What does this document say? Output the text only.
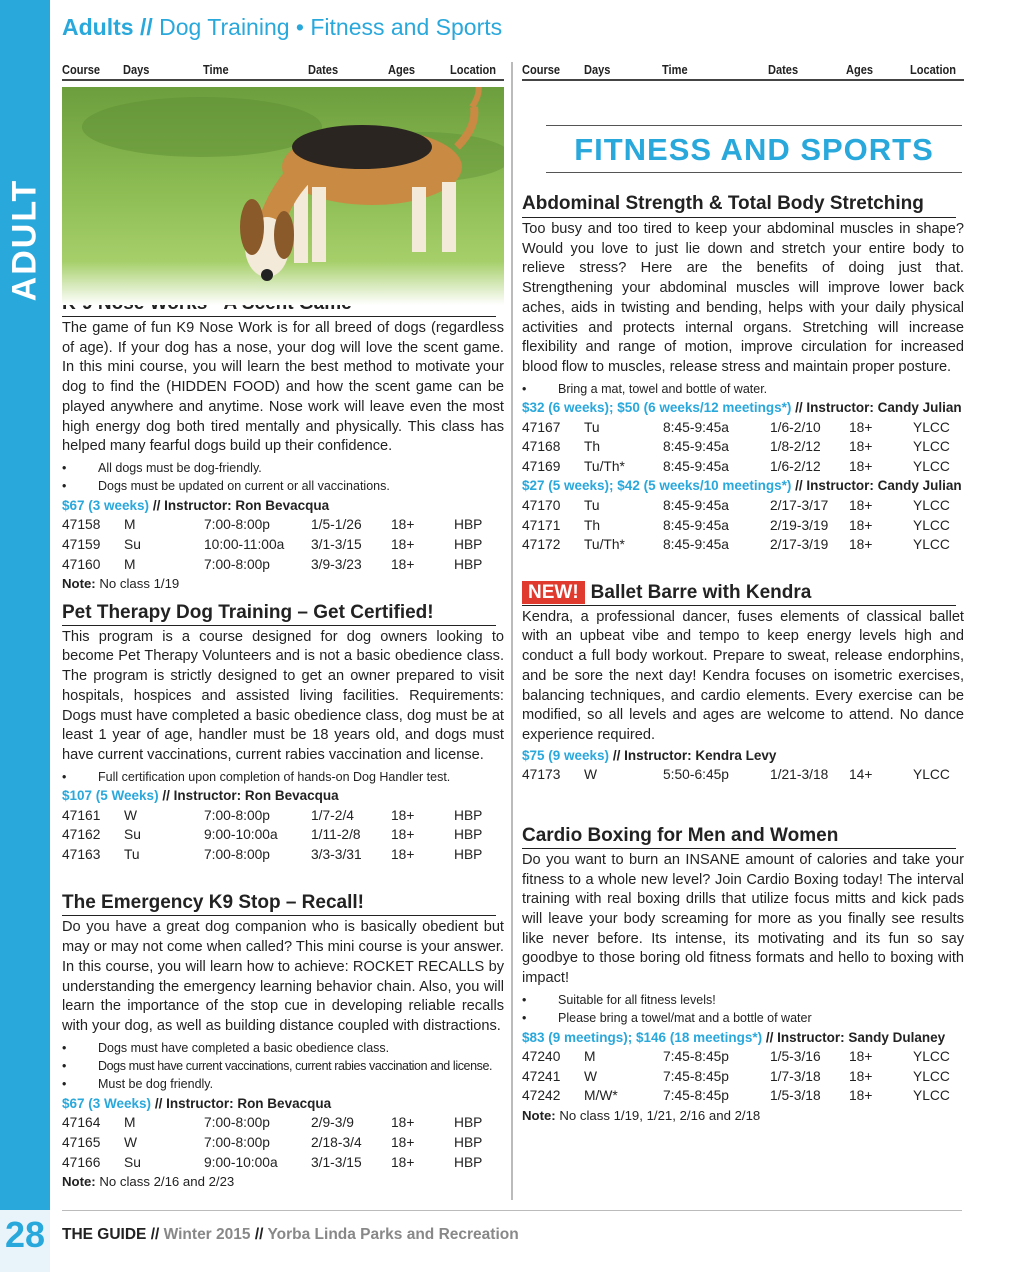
ADULT
28
Adults // Dog Training • Fitness and Sports
Course	Days	Time	Dates	Ages	Location

The game of fun K9 Nose Work is for all breed of dogs (regardless of age). If your dog has a nose, your dog will love the scent game. In this mini course, you will learn the best method to motivate your dog to find the (HIDDEN FOOD) and how the scent game can be played anywhere and anytime. Nose work will leave even the most high energy dog both tired mentally and physically. This class has helped many fearful dogs build up their confidence.

• All dogs must be dog-friendly.
• Dogs must be updated on current or all vaccinations.
$67 (3 weeks) // Instructor: Ron Bevacqua
47158	M	7:00-8:00p	1/5-1/26	18+	HBP
47159	Su	10:00-11:00a	3/1-3/15	18+	HBP
47160	M	7:00-8:00p	3/9-3/23	18+	HBP
Note: No class 1/19
Pet Therapy Dog Training – Get Certified!

This program is a course designed for dog owners looking to become Pet Therapy Volunteers and is not a basic obedience class. The program is strictly designed to get an owner prepared to visit hospitals, hospices and assisted living facilities. Requirements: Dogs must have completed a basic obedience class, dog must be at least 1 year of age, handler must be 18 years old, and dogs must have current vaccinations, current rabies vaccination and license.

• Full certification upon completion of hands-on Dog Handler test.
$107 (5 Weeks) // Instructor: Ron Bevacqua
47161	W	7:00-8:00p	1/7-2/4	18+	HBP
47162	Su	9:00-10:00a	1/11-2/8	18+	HBP
47163	Tu	7:00-8:00p	3/3-3/31	18+	HBP
The Emergency K9 Stop – Recall!

Do you have a great dog companion who is basically obedient but may or may not come when called? This mini course is your answer. In this course, you will learn how to achieve: ROCKET RECALLS by understanding the emergency learning behavior chain. Also, you will learn the importance of the stop cue in developing reliable recalls with your dog, as well as building distance coupled with distractions.

• Dogs must have completed a basic obedience class.
• Dogs must have current vaccinations, current rabies vaccination and license.
• Must be dog friendly.
$67 (3 Weeks) // Instructor: Ron Bevacqua
47164	M	7:00-8:00p	2/9-3/9	18+	HBP
47165	W	7:00-8:00p	2/18-3/4	18+	HBP
47166	Su	9:00-10:00a	3/1-3/15	18+	HBP
Note: No class 2/16 and 2/23
Course	Days	Time	Dates	Ages	Location
FITNESS AND SPORTS
Abdominal Strength & Total Body Stretching

Too busy and too tired to keep your abdominal muscles in shape? Would you love to just lie down and stretch your entire body to relieve stress? Here are the benefits of doing just that. Strengthening your abdominal muscles will improve lower back aches, aids in twisting and bending, helps with your daily physical activities and protects internal organs. Stretching will increase flexibility and range of motion, improve circulation for increased blood flow to muscles, release stress and maintain proper posture.

• Bring a mat, towel and bottle of water.
$32 (6 weeks); $50 (6 weeks/12 meetings*) // Instructor: Candy Julian
47167	Tu	8:45-9:45a	1/6-2/10	18+	YLCC
47168	Th	8:45-9:45a	1/8-2/12	18+	YLCC
47169	Tu/Th*	8:45-9:45a	1/6-2/12	18+	YLCC
$27 (5 weeks); $42 (5 weeks/10 meetings*) // Instructor: Candy Julian
47170	Tu	8:45-9:45a	2/17-3/17	18+	YLCC
47171	Th	8:45-9:45a	2/19-3/19	18+	YLCC
47172	Tu/Th*	8:45-9:45a	2/17-3/19	18+	YLCC
NEW! Ballet Barre with Kendra

Kendra, a professional dancer, fuses elements of classical ballet with an upbeat vibe and tempo to keep energy levels high and conduct a full body workout. Prepare to sweat, release endorphins, and be sore the next day! Kendra focuses on isometric exercises, balancing techniques, and cardio elements. Every exercise can be modified, so all levels and ages are welcome to attend. No dance experience required.

$75 (9 weeks) // Instructor: Kendra Levy
47173	W	5:50-6:45p	1/21-3/18	14+	YLCC
Cardio Boxing for Men and Women

Do you want to burn an INSANE amount of calories and take your fitness to a whole new level? Join Cardio Boxing today! The interval training with real boxing drills that utilize focus mitts and kick pads will leave your body screaming for more as you finally see results like never before. Its intense, its motivating and its fun so say goodbye to those boring old fitness formats and hello to boxing with impact!

• Suitable for all fitness levels!
• Please bring a towel/mat and a bottle of water
$83 (9 meetings); $146 (18 meetings*) // Instructor: Sandy Dulaney
47240	M	7:45-8:45p	1/5-3/16	18+	YLCC
47241	W	7:45-8:45p	1/7-3/18	18+	YLCC
47242	M/W*	7:45-8:45p	1/5-3/18	18+	YLCC
Note: No class 1/19, 1/21, 2/16 and 2/18
THE GUIDE // Winter 2015 // Yorba Linda Parks and Recreation
